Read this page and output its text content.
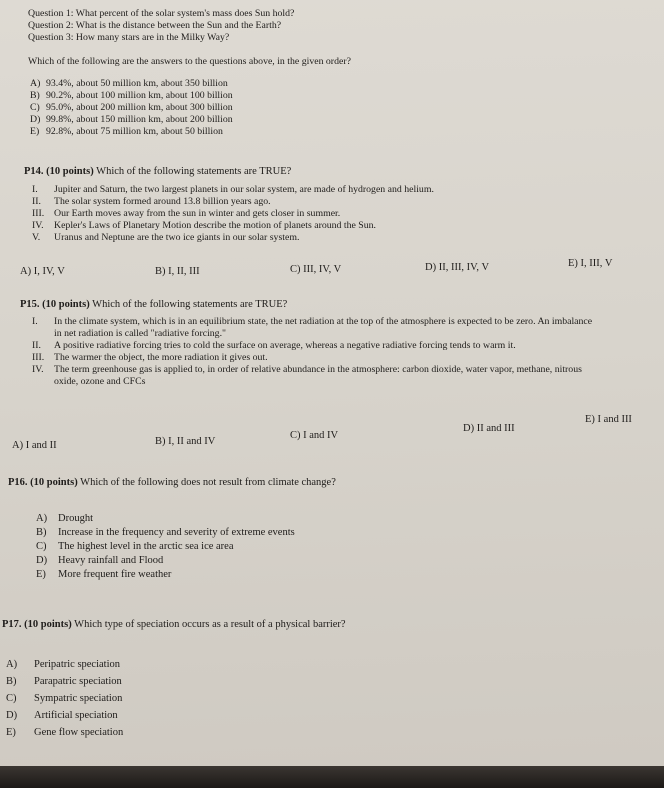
Question 1: What percent of the solar system's mass does Sun hold?
Question 2: What is the distance between the Sun and the Earth?
Question 3: How many stars are in the Milky Way?
Which of the following are the answers to the questions above, in the given order?
A) 93.4%, about 50 million km, about 350 billion
B) 90.2%, about 100 million km, about 100 billion
C) 95.0%, about 200 million km, about 300 billion
D) 99.8%, about 150 million km, about 200 billion
E) 92.8%, about 75 million km, about 50 billion
P14. (10 points) Which of the following statements are TRUE?
I.	Jupiter and Saturn, the two largest planets in our solar system, are made of hydrogen and helium.
II.	The solar system formed around 13.8 billion years ago.
III. Our Earth moves away from the sun in winter and gets closer in summer.
IV.	Kepler's Laws of Planetary Motion describe the motion of planets around the Sun.
V.	Uranus and Neptune are the two ice giants in our solar system.
A) I, IV, V	B) I, II, III	C) III, IV, V	D) II, III, IV, V	E) I, III, V
P15. (10 points) Which of the following statements are TRUE?
I.	In the climate system, which is in an equilibrium state, the net radiation at the top of the atmosphere is expected to be zero. An imbalance
in net radiation is called "radiative forcing."
II.	A positive radiative forcing tries to cold the surface on average, whereas a negative radiative forcing tends to warm it.
III. The warmer the object, the more radiation it gives out.
IV.	The term greenhouse gas is applied to, in order of relative abundance in the atmosphere: carbon dioxide, water vapor, methane, nitrous
oxide, ozone and CFCs
A) I and II	B) I, II and IV
C) I and IV
D) II and III
E) I and III
P16. (10 points) Which of the following does not result from climate change?
A)	Drought
B)	Increase in the frequency and severity of extreme events
C)	The highest level in the arctic sea ice area
D)	Heavy rainfall and Flood
E)	More frequent fire weather
P17. (10 points) Which type of speciation occurs as a result of a physical barrier?
A)	Peripatric speciation
B)	Parapatric speciation
C)	Sympatric speciation
D)	Artificial speciation
E)	Gene flow speciation
